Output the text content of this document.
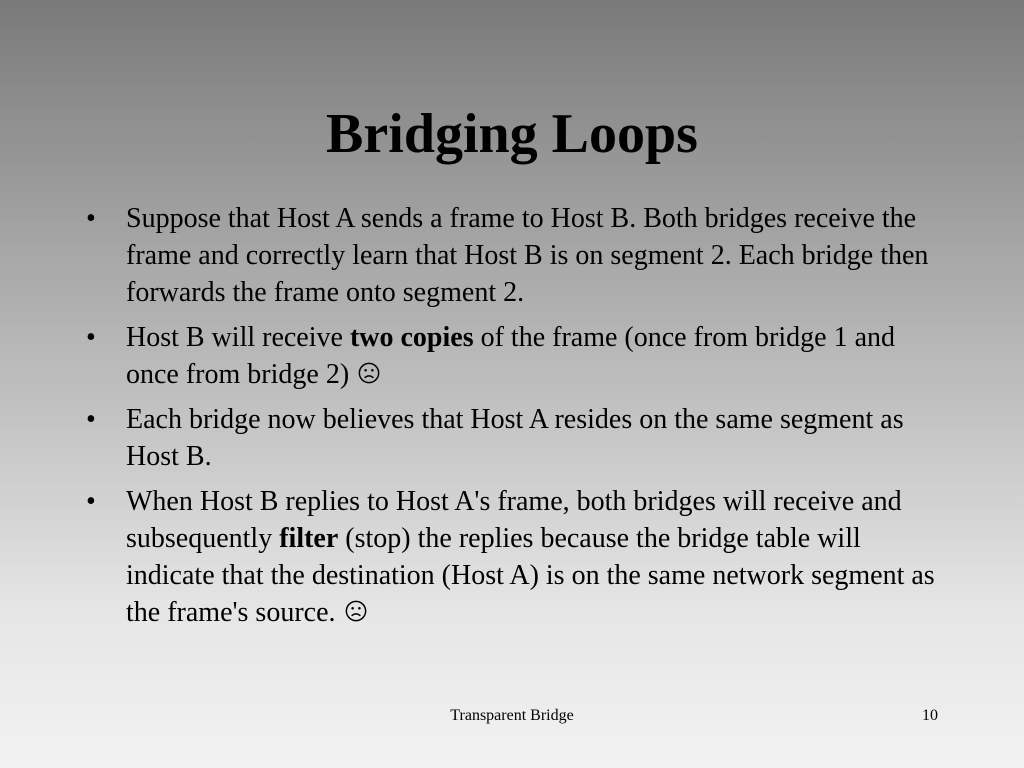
Bridging Loops
• Suppose that Host A sends a frame to Host B. Both bridges receive the frame and correctly learn that Host B is on segment 2. Each bridge then forwards the frame onto segment 2.
• Host B will receive two copies of the frame (once from bridge 1 and once from bridge 2)
• Each bridge now believes that Host A resides on the same segment as Host B.
• When Host B replies to Host A's frame, both bridges will receive and subsequently filter (stop) the replies because the bridge table will indicate that the destination (Host A) is on the same network segment as the frame's source.
Transparent Bridge	10
